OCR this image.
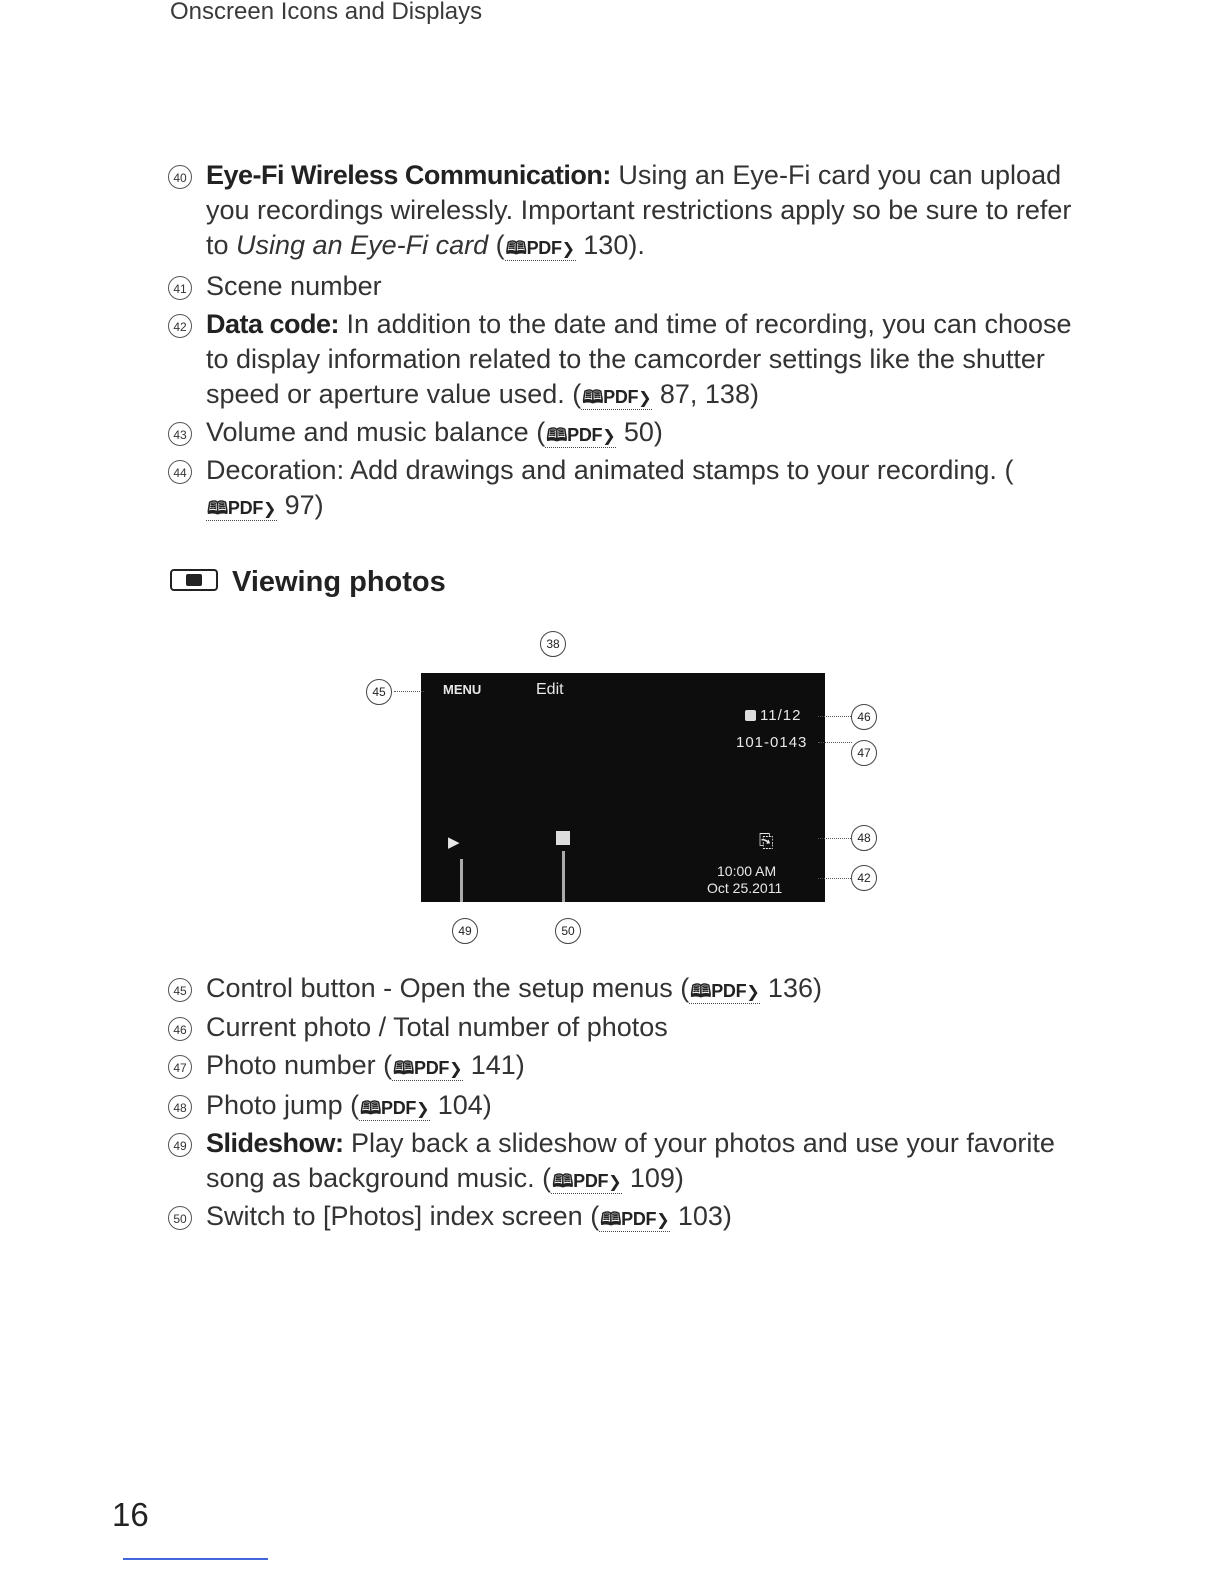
Onscreen Icons and Displays
40 Eye-Fi Wireless Communication: Using an Eye-Fi card you can upload you recordings wirelessly. Important restrictions apply so be sure to refer to Using an Eye-Fi card (🕮PDF❯ 130).
41 Scene number
42 Data code: In addition to the date and time of recording, you can choose to display information related to the camcorder settings like the shutter speed or aperture value used. (🕮PDF❯ 87, 138)
43 Volume and music balance (🕮PDF❯ 50)
44 Decoration: Add drawings and animated stamps to your recording. (🕮PDF❯ 97)
Viewing photos
MENU	Edit
11/12
101-0143
▶	⎘
10:00 AM
Oct 25.2011
38
45
46
47
48
42
49	50
45 Control button - Open the setup menus (🕮PDF❯ 136)
46 Current photo / Total number of photos
47 Photo number (🕮PDF❯ 141)
48 Photo jump (🕮PDF❯ 104)
49 Slideshow: Play back a slideshow of your photos and use your favorite song as background music. (🕮PDF❯ 109)
50 Switch to [Photos] index screen (🕮PDF❯ 103)
16
